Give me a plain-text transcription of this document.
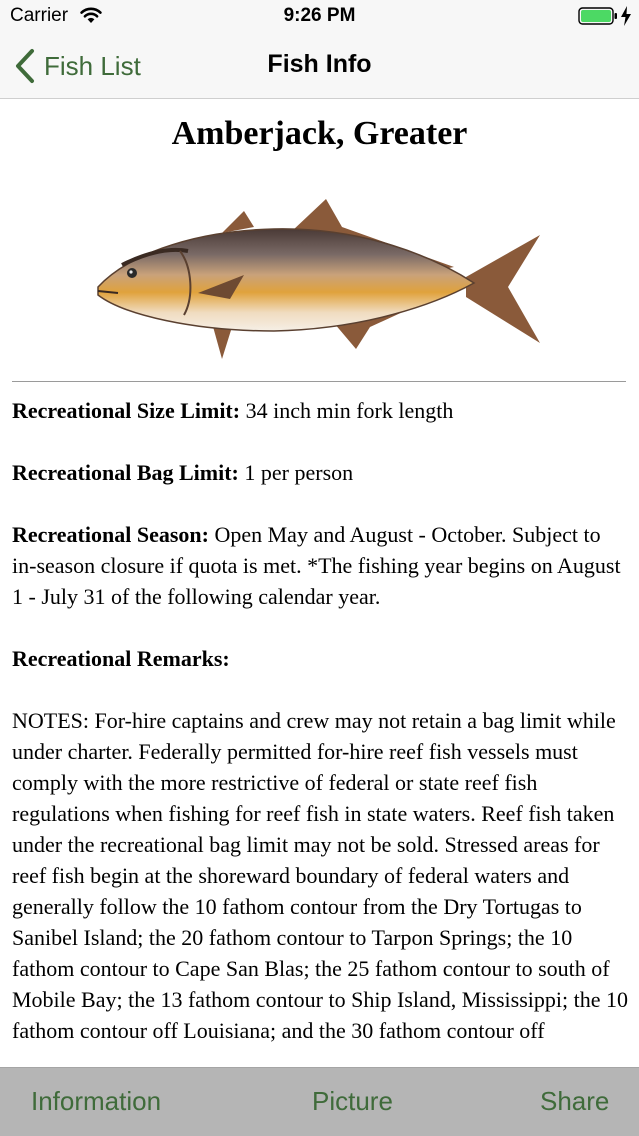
Carrier	9:26 PM
Fish List	Fish Info
Amberjack, Greater

Recreational Size Limit: 34 inch min fork length

Recreational Bag Limit: 1 per person

Recreational Season: Open May and August - October. Subject to in-season closure if quota is met. *The fishing year begins on August 1 - July 31 of the following calendar year.

Recreational Remarks:

NOTES: For-hire captains and crew may not retain a bag limit while under charter. Federally permitted for-hire reef fish vessels must comply with the more restrictive of federal or state reef fish regulations when fishing for reef fish in state waters. Reef fish taken under the recreational bag limit may not be sold. Stressed areas for reef fish begin at the shoreward boundary of federal waters and generally follow the 10 fathom contour from the Dry Tortugas to Sanibel Island; the 20 fathom contour to Tarpon Springs; the 10 fathom contour to Cape San Blas; the 25 fathom contour to south of Mobile Bay; the 13 fathom contour to Ship Island, Mississippi; the 10 fathom contour off Louisiana; and the 30 fathom contour off

Information	Picture	Share
